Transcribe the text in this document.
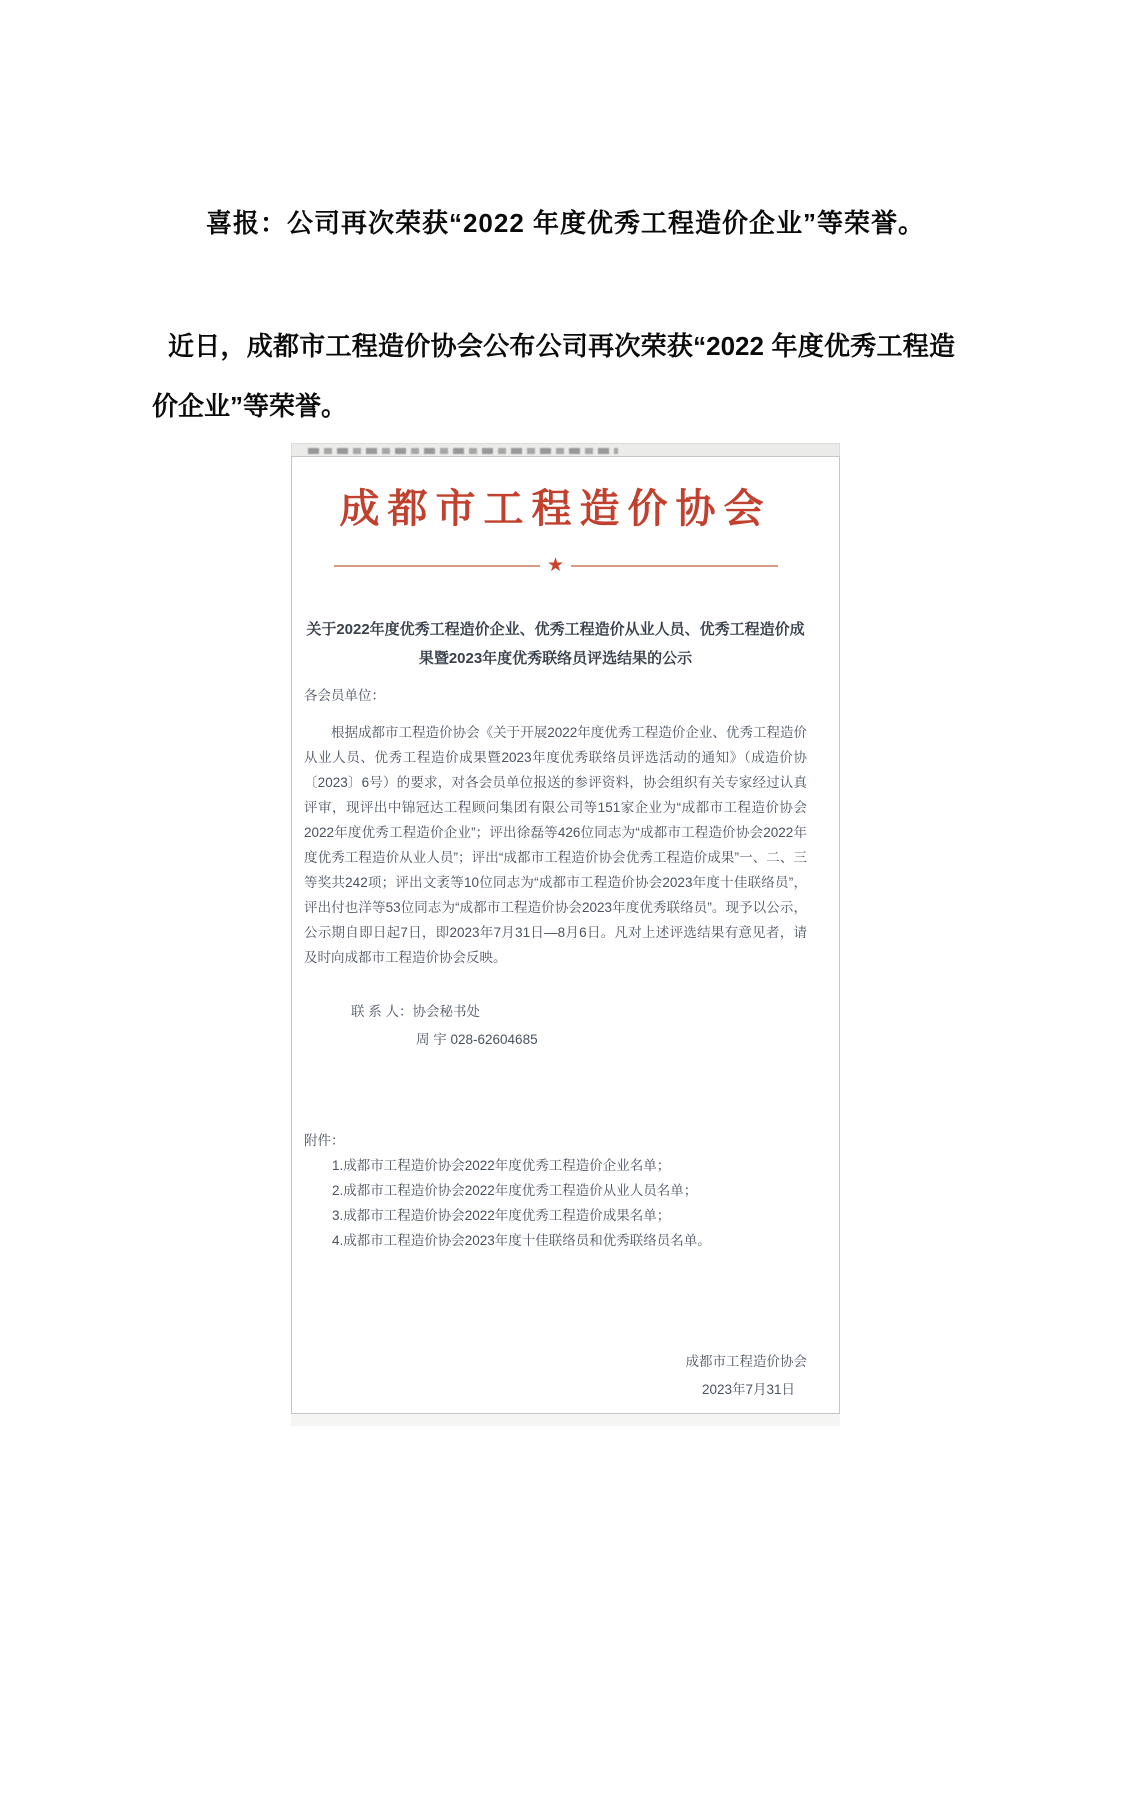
喜报：公司再次荣获“2022 年度优秀工程造价企业”等荣誉。

近日，成都市工程造价协会公布公司再次荣获“2022 年度优秀工程造价企业”等荣誉。

成都市工程造价协会
★
关于2022年度优秀工程造价企业、优秀工程造价从业人员、优秀工程造价成果暨2023年度优秀联络员评选结果的公示
各会员单位：
根据成都市工程造价协会《关于开展2022年度优秀工程造价企业、优秀工程造价从业人员、优秀工程造价成果暨2023年度优秀联络员评选活动的通知》（成造价协〔2023〕6号）的要求，对各会员单位报送的参评资料，协会组织有关专家经过认真评审，现评出中锦冠达工程顾问集团有限公司等151家企业为“成都市工程造价协会2022年度优秀工程造价企业”；评出徐磊等426位同志为“成都市工程造价协会2022年度优秀工程造价从业人员”；评出“成都市工程造价协会优秀工程造价成果”一、二、三等奖共242项；评出文袤等10位同志为“成都市工程造价协会2023年度十佳联络员”，评出付也洋等53位同志为“成都市工程造价协会2023年度优秀联络员”。现予以公示，公示期自即日起7日，即2023年7月31日—8月6日。凡对上述评选结果有意见者，请及时向成都市工程造价协会反映。
联 系 人：协会秘书处
周 宇 028-62604685
附件：
1.成都市工程造价协会2022年度优秀工程造价企业名单；
2.成都市工程造价协会2022年度优秀工程造价从业人员名单；
3.成都市工程造价协会2022年度优秀工程造价成果名单；
4.成都市工程造价协会2023年度十佳联络员和优秀联络员名单。
成都市工程造价协会
2023年7月31日
